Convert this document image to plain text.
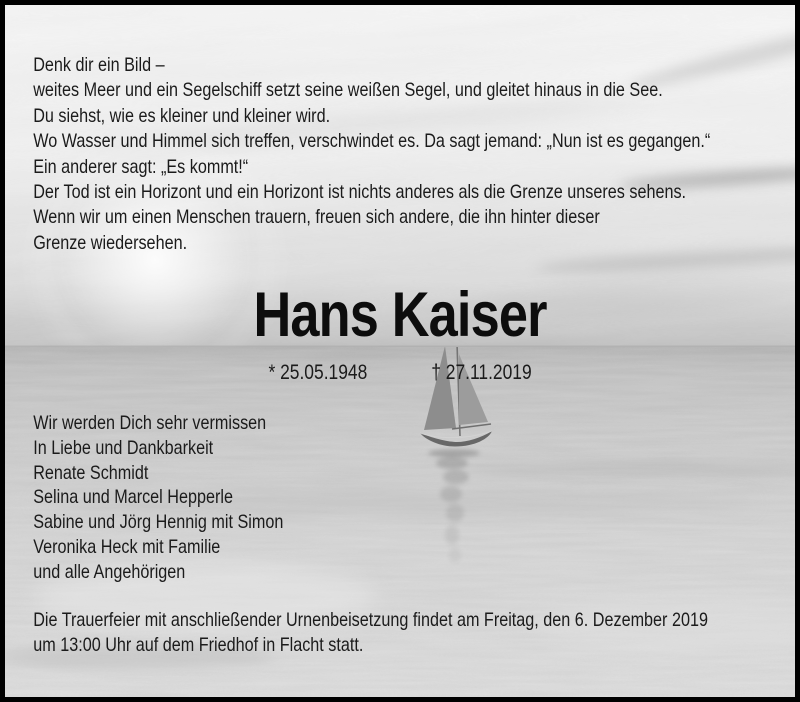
Denk dir ein Bild –
weites Meer und ein Segelschiff setzt seine weißen Segel, und gleitet hinaus in die See.
Du siehst, wie es kleiner und kleiner wird.
Wo Wasser und Himmel sich treffen, verschwindet es. Da sagt jemand: „Nun ist es gegangen.“
Ein anderer sagt: „Es kommt!“
Der Tod ist ein Horizont und ein Horizont ist nichts anderes als die Grenze unseres sehens.
Wenn wir um einen Menschen trauern, freuen sich andere, die ihn hinter dieser
Grenze wiedersehen.
Hans Kaiser
* 25.05.1948	† 27.11.2019
Wir werden Dich sehr vermissen
In Liebe und Dankbarkeit
Renate Schmidt
Selina und Marcel Hepperle
Sabine und Jörg Hennig mit Simon
Veronika Heck mit Familie
und alle Angehörigen
Die Trauerfeier mit anschließender Urnenbeisetzung findet am Freitag, den 6. Dezember 2019
um 13:00 Uhr auf dem Friedhof in Flacht statt.
